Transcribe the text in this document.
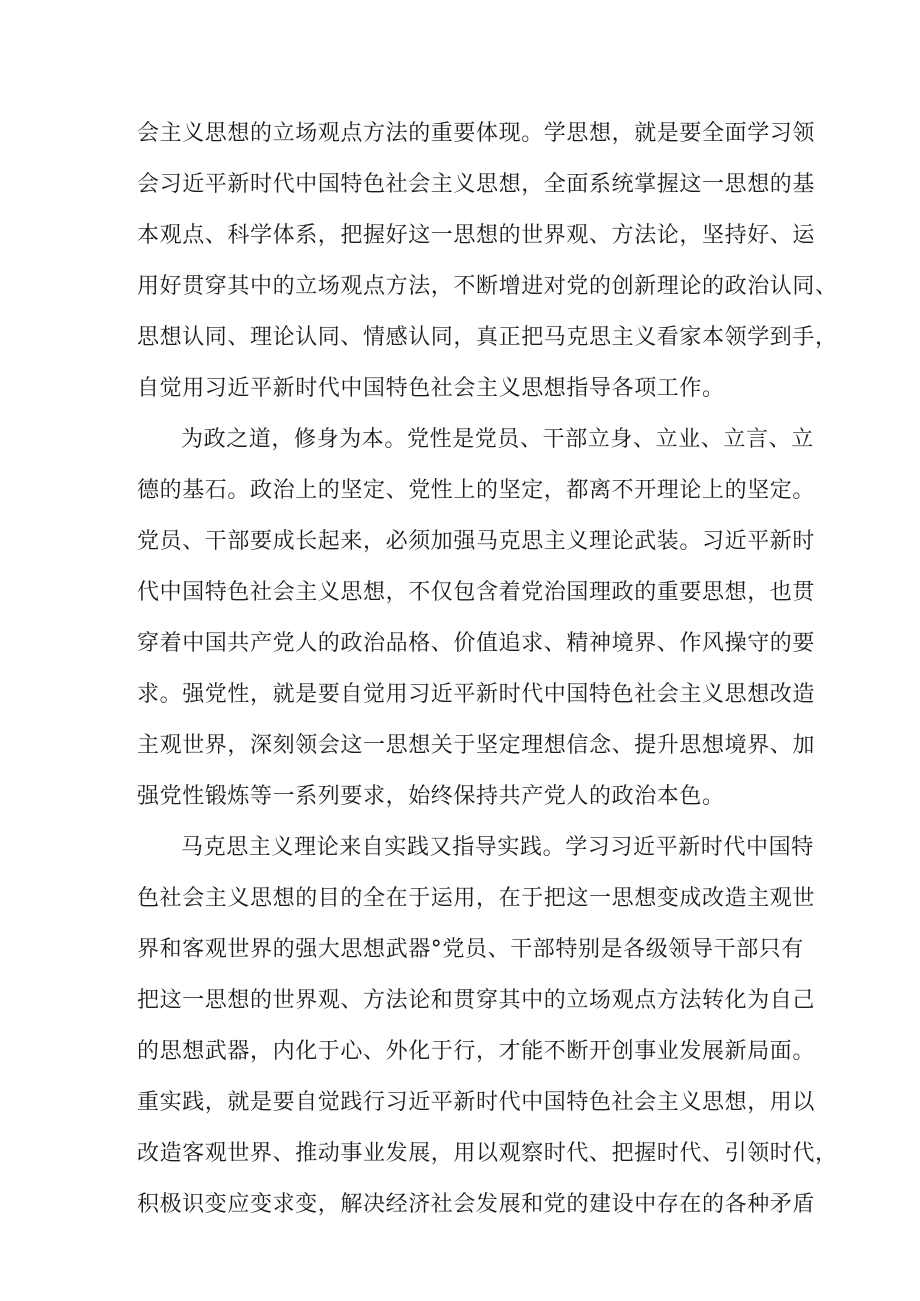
会主义思想的立场观点方法的重要体现。学思想，就是要全面学习领
会习近平新时代中国特色社会主义思想，全面系统掌握这一思想的基
本观点、科学体系，把握好这一思想的世界观、方法论，坚持好、运
用好贯穿其中的立场观点方法，不断增进对党的创新理论的政治认同、
思想认同、理论认同、情感认同，真正把马克思主义看家本领学到手，
自觉用习近平新时代中国特色社会主义思想指导各项工作。
为政之道，修身为本。党性是党员、干部立身、立业、立言、立
德的基石。政治上的坚定、党性上的坚定，都离不开理论上的坚定。
党员、干部要成长起来，必须加强马克思主义理论武装。习近平新时
代中国特色社会主义思想，不仅包含着党治国理政的重要思想，也贯
穿着中国共产党人的政治品格、价值追求、精神境界、作风操守的要
求。强党性，就是要自觉用习近平新时代中国特色社会主义思想改造
主观世界，深刻领会这一思想关于坚定理想信念、提升思想境界、加
强党性锻炼等一系列要求，始终保持共产党人的政治本色。
马克思主义理论来自实践又指导实践。学习习近平新时代中国特
色社会主义思想的目的全在于运用，在于把这一思想变成改造主观世
界和客观世界的强大思想武器°党员、干部特别是各级领导干部只有
把这一思想的世界观、方法论和贯穿其中的立场观点方法转化为自己
的思想武器，内化于心、外化于行，才能不断开创事业发展新局面。
重实践，就是要自觉践行习近平新时代中国特色社会主义思想，用以
改造客观世界、推动事业发展，用以观察时代、把握时代、引领时代，
积极识变应变求变，解决经济社会发展和党的建设中存在的各种矛盾
